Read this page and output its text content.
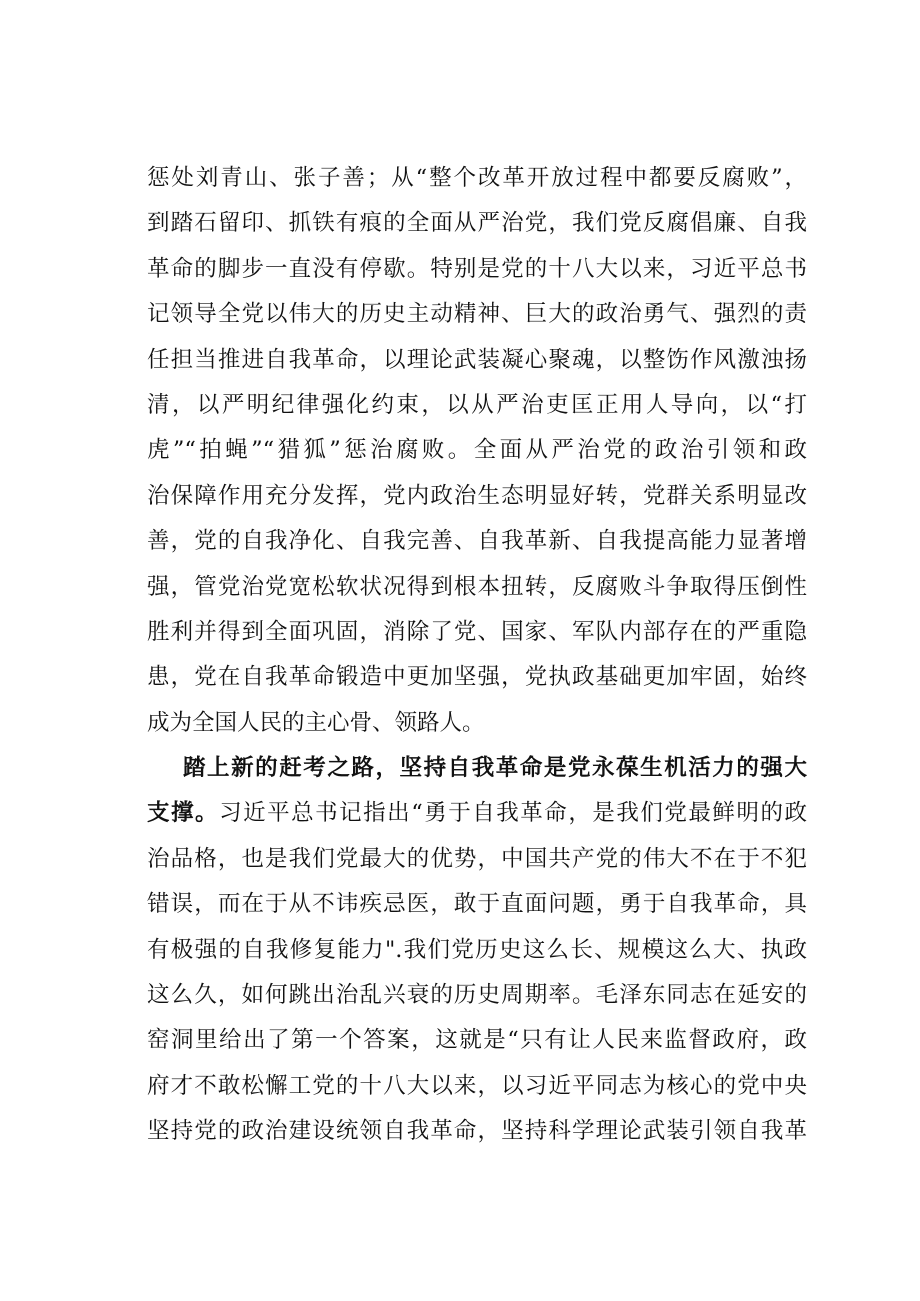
惩处刘青山、张子善；从“整个改革开放过程中都要反腐败”，
到踏石留印、抓铁有痕的全面从严治党，我们党反腐倡廉、自我
革命的脚步一直没有停歇。特别是党的十八大以来，习近平总书
记领导全党以伟大的历史主动精神、巨大的政治勇气、强烈的责
任担当推进自我革命，以理论武装凝心聚魂，以整饬作风激浊扬
清，以严明纪律强化约束，以从严治吏匡正用人导向，以“打
虎”“拍蝇”“猎狐”惩治腐败。全面从严治党的政治引领和政
治保障作用充分发挥，党内政治生态明显好转，党群关系明显改
善，党的自我净化、自我完善、自我革新、自我提高能力显著增
强，管党治党宽松软状况得到根本扭转，反腐败斗争取得压倒性
胜利并得到全面巩固，消除了党、国家、军队内部存在的严重隐
患，党在自我革命锻造中更加坚强，党执政基础更加牢固，始终
成为全国人民的主心骨、领路人。
踏上新的赶考之路，坚持自我革命是党永葆生机活力的强大
支撑。习近平总书记指出“勇于自我革命，是我们党最鲜明的政
治品格，也是我们党最大的优势，中国共产党的伟大不在于不犯
错误，而在于从不讳疾忌医，敢于直面问题，勇于自我革命，具
有极强的自我修复能力".我们党历史这么长、规模这么大、执政
这么久，如何跳出治乱兴衰的历史周期率。毛泽东同志在延安的
窑洞里给出了第一个答案，这就是“只有让人民来监督政府，政
府才不敢松懈工党的十八大以来，以习近平同志为核心的党中央
坚持党的政治建设统领自我革命，坚持科学理论武装引领自我革
